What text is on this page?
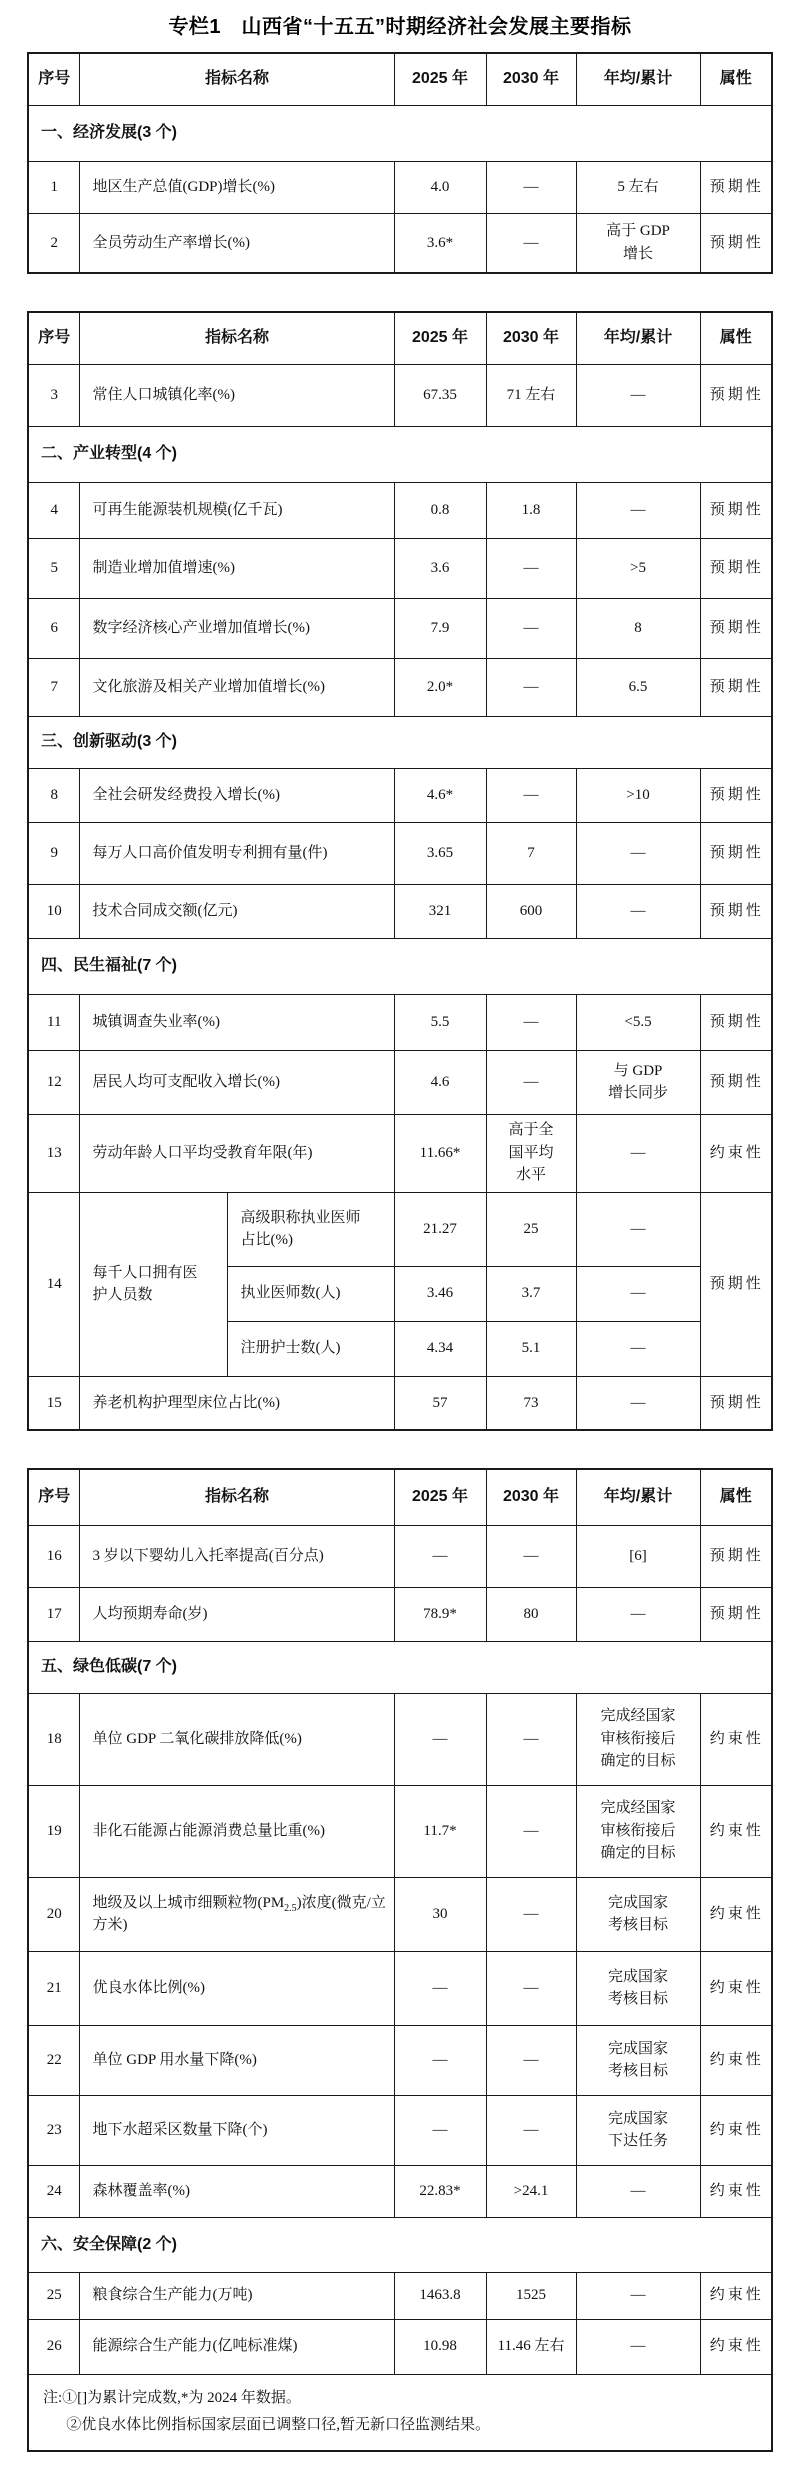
专栏1　山西省“十五五”时期经济社会发展主要指标
序号	指标名称	2025 年	2030 年	年均/累计	属性
一、经济发展(3 个)					
1	地区生产总值(GDP)增长(%)	4.0	—	5 左右	预期性
2	全员劳动生产率增长(%)	3.6*	—	高于 GDP 增长	预期性
序号	指标名称		2025 年	2030 年	年均/累计	属性
3	常住人口城镇化率(%)		67.35	71 左右	—	预期性
二、产业转型(4 个)						
4	可再生能源装机规模(亿千瓦)		0.8	1.8	—	预期性
5	制造业增加值增速(%)		3.6	—	>5	预期性
6	数字经济核心产业增加值增长(%)		7.9	—	8	预期性
7	文化旅游及相关产业增加值增长(%)		2.0*	—	6.5	预期性
三、创新驱动(3 个)						
8	全社会研发经费投入增长(%)		4.6*	—	>10	预期性
9	每万人口高价值发明专利拥有量(件)		3.65	7	—	预期性
10	技术合同成交额(亿元)		321	600	—	预期性
四、民生福祉(7 个)						
11	城镇调查失业率(%)		5.5	—	<5.5	预期性
12	居民人均可支配收入增长(%)		4.6	—	与 GDP 增长同步	预期性
13	劳动年龄人口平均受教育年限(年)		11.66*	高于全国平均水平	—	约束性
14	每千人口拥有医护人员数	高级职称执业医师占比(%)	21.27	25	—	预期性
		执业医师数(人)	3.46	3.7	—	
		注册护士数(人)	4.34	5.1	—	
15	养老机构护理型床位占比(%)		57	73	—	预期性
序号	指标名称	2025 年	2030 年	年均/累计	属性
16	3 岁以下婴幼儿入托率提高(百分点)	—	—	[6]	预期性
17	人均预期寿命(岁)	78.9*	80	—	预期性
五、绿色低碳(7 个)					
18	单位 GDP 二氧化碳排放降低(%)	—	—	完成经国家审核衔接后确定的目标	约束性
19	非化石能源占能源消费总量比重(%)	11.7*	—	完成经国家审核衔接后确定的目标	约束性
20	地级及以上城市细颗粒物$(PM_{2.5})$浓度(微克/立方米)	30	—	完成国家考核目标	约束性
21	优良水体比例(%)	—	—	完成国家考核目标	约束性
22	单位 GDP 用水量下降(%)	—	—	完成国家考核目标	约束性
23	地下水超采区数量下降(个)	—	—	完成国家下达任务	约束性
24	森林覆盖率(%)	22.83*	>24.1	—	约束性
六、安全保障(2 个)					
25	粮食综合生产能力(万吨)	1463.8	1525	—	约束性
26	能源综合生产能力(亿吨标准煤)	10.98	11.46 左右	—	约束性

注:①[]为累计完成数,*为 2024 年数据。
②优良水体比例指标国家层面已调整口径,暂无新口径监测结果。					
